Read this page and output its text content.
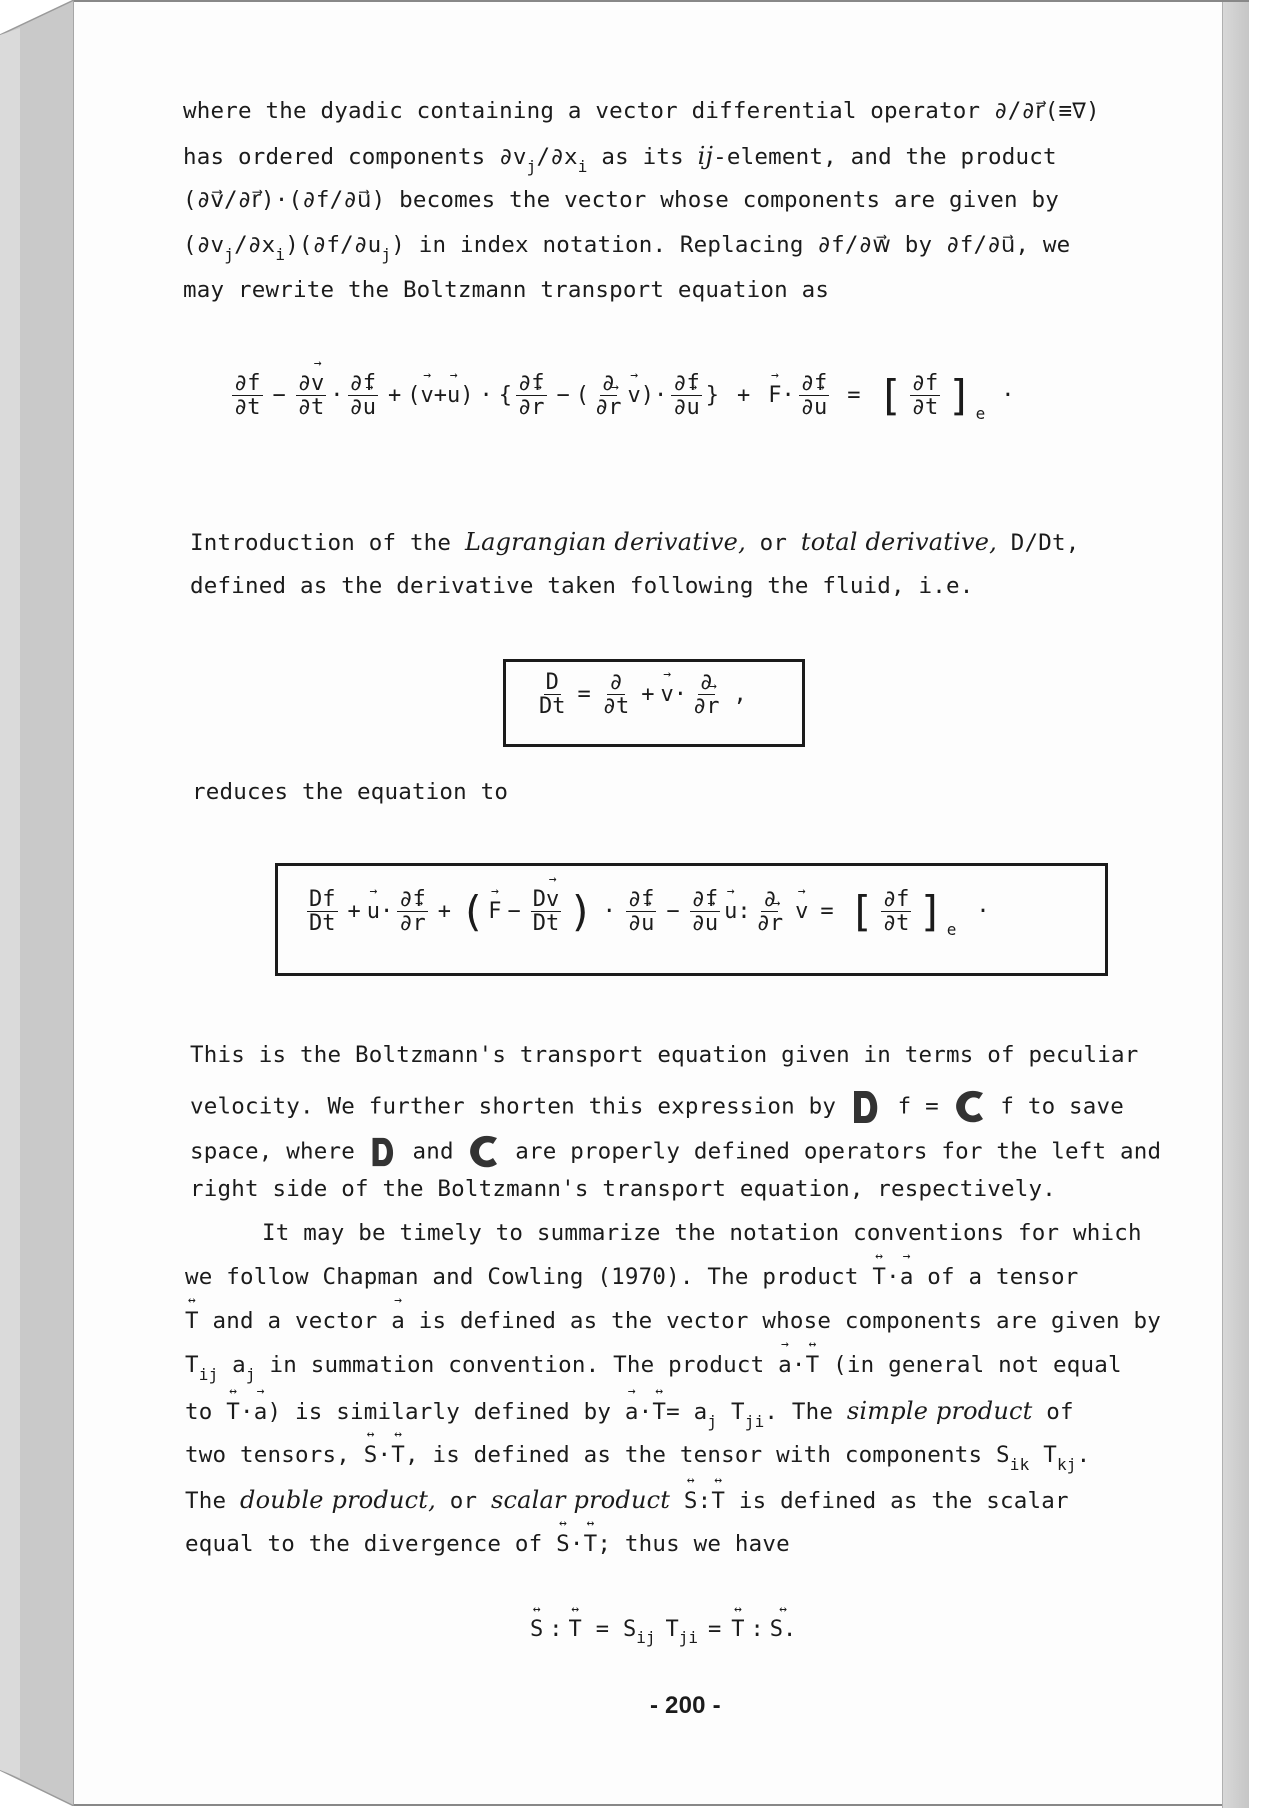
where the dyadic containing a vector differential operator ∂/∂r⃗(≡∇)
has ordered components $\partial v_j/\partial x_i$ as its ij-element, and the product
(∂v⃗/∂r⃗)·(∂f/∂u⃗) becomes the vector whose components are given by
$(\partial v_j/\partial x_i)(\partial f/\partial u_j)$ in index notation. Replacing ∂f/∂w⃗ by ∂f/∂u⃗, we
may rewrite the Boltzmann transport equation as
$\frac{\partial f}{\partial t} - \frac{\partial\to v}{\partial t} \cdot \frac{\partial f}{\partial\to u}$ + (→ v+→ u) · { $\frac{\partial f}{\partial\to r}$ − ( $\frac{\partial}{\partial\to r}$
→ v )· $\frac{\partial f}{\partial\to u}$ } +
→ $F \cdot \frac{\partial f}{\partial\to u}$ = [ $\frac{\partial f}{\partial t}$ ] e
·
Introduction of the Lagrangian derivative, or total derivative, D/Dt,
defined as the derivat​ive taken following the fluid, i.e.
$\frac{D}{Dt} = \frac{\partial}{\partial t}$ +
→ $v \cdot \frac{\partial}{\partial\to r}$ ,
reduces the equation to
$\frac{Df}{Dt}$ +
→ $u \cdot \frac{\partial f}{\partial\to r}$ + (
→ $F - \frac{D\to v}{Dt}$ ) · $\frac{\partial f}{\partial\to u} - \frac{\partial f}{\partial\to u}$
→ u : $\frac{\partial}{\partial\to r}$
→ v = [ $\frac{\partial f}{\partial t}$ ] e
·
This is the Boltzmann's transport equation given in terms of peculiar
velocity. We further shorten this expression by  f =  f to save
space, where  and  are properly defined operators for the left and
right side of the Boltzmann's transport equation, respectively.
It may be timely to summarize the notation conventions for which
we follow Chapman and Cowling (1970). The product ↔ T·→ a of a tensor
↔ T and a vector → a is defined as the vector whose components are given by
$T_{ij}$ $a_j$ in summation convention. The product → a·↔ T (in general not equal
to ↔ T·→ a) is similarly defined by → a·↔ $T= a_j$ $T_{ji}$. The simple product of
two tensors, ↔ S·↔ T, is defined as the tensor with components $S_{ik}$ $T_{kj}$.
The double product, or scalar product ↔ S:↔ T is defined as the scalar
equal to the divergence of ↔ S·↔ T; thus we have
↔ S :
↔ T = S ij T ji =
↔ T :
↔ S.
- 200 -
